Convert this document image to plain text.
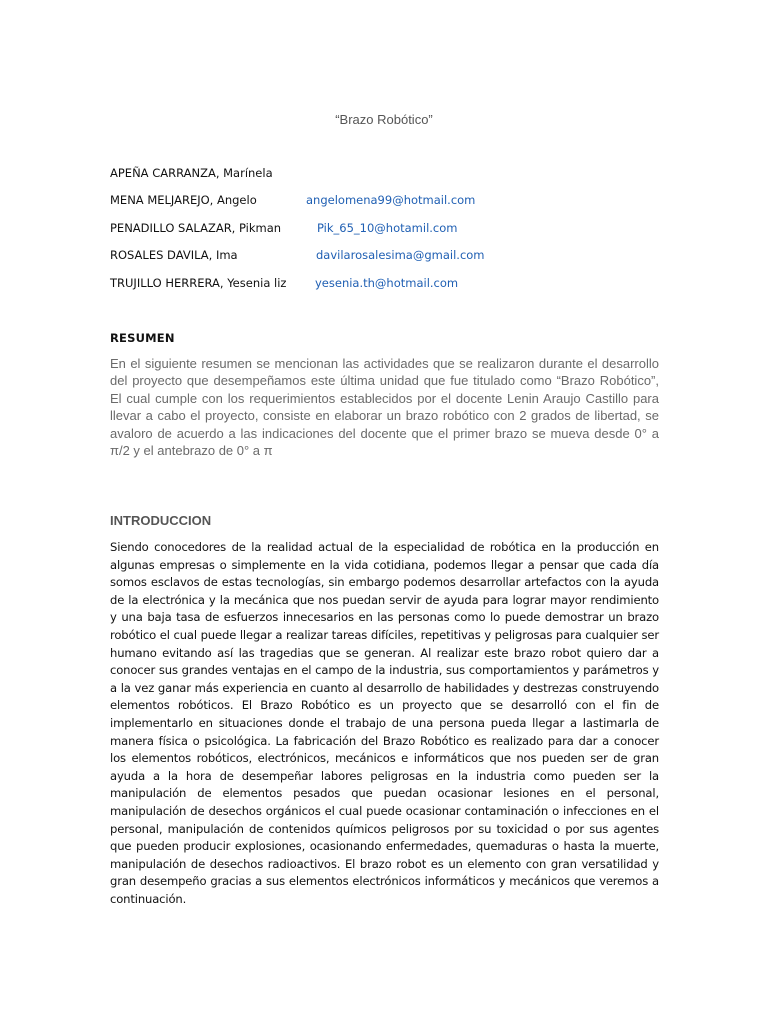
“Brazo Robótico”
APEÑA CARRANZA, Marínela
MENA MELJAREJO, Angelo	angelomena99@hotmail.com
PENADILLO SALAZAR, Pikman	Pik_65_10@hotamil.com
ROSALES DAVILA, Ima	davilarosalesima@gmail.com
TRUJILLO HERRERA, Yesenia liz yesenia.th@hotmail.com
RESUMEN

En el siguiente resumen se mencionan las actividades que se realizaron durante el desarrollo del proyecto que desempeñamos este última unidad que fue titulado como “Brazo Robótico”, El cual cumple con los requerimientos establecidos por el docente Lenin Araujo Castillo para llevar a cabo el proyecto, consiste en elaborar un brazo robótico con 2 grados de libertad, se avaloro de acuerdo a las indicaciones del docente que el primer brazo se mueva desde 0° a π/2 y el antebrazo de 0° a π

INTRODUCCION

Siendo conocedores de la realidad actual de la especialidad de robótica en la producción en algunas empresas o simplemente en la vida cotidiana, podemos llegar a pensar que cada día somos esclavos de estas tecnologías, sin embargo podemos desarrollar artefactos con la ayuda de la electrónica y la mecánica que nos puedan servir de ayuda para lograr mayor rendimiento y una baja tasa de esfuerzos innecesarios en las personas como lo puede demostrar un brazo robótico el cual puede llegar a realizar tareas difíciles, repetitivas y peligrosas para cualquier ser humano evitando así las tragedias que se generan. Al realizar este brazo robot quiero dar a conocer sus grandes ventajas en el campo de la industria, sus comportamientos y parámetros y a la vez ganar más experiencia en cuanto al desarrollo de habilidades y destrezas construyendo elementos robóticos. El Brazo Robótico es un proyecto que se desarrolló con el fin de implementarlo en situaciones donde el trabajo de una persona pueda llegar a lastimarla de manera física o psicológica. La fabricación del Brazo Robótico es realizado para dar a conocer los elementos robóticos, electrónicos, mecánicos e informáticos que nos pueden ser de gran ayuda a la hora de desempeñar labores peligrosas en la industria como pueden ser la manipulación de elementos pesados que puedan ocasionar lesiones en el personal, manipulación de desechos orgánicos el cual puede ocasionar contaminación o infecciones en el personal, manipulación de contenidos químicos peligrosos por su toxicidad o por sus agentes que pueden producir explosiones, ocasionando enfermedades, quemaduras o hasta la muerte, manipulación de desechos radioactivos. El brazo robot es un elemento con gran versatilidad y gran desempeño gracias a sus elementos electrónicos informáticos y mecánicos que veremos a continuación.
